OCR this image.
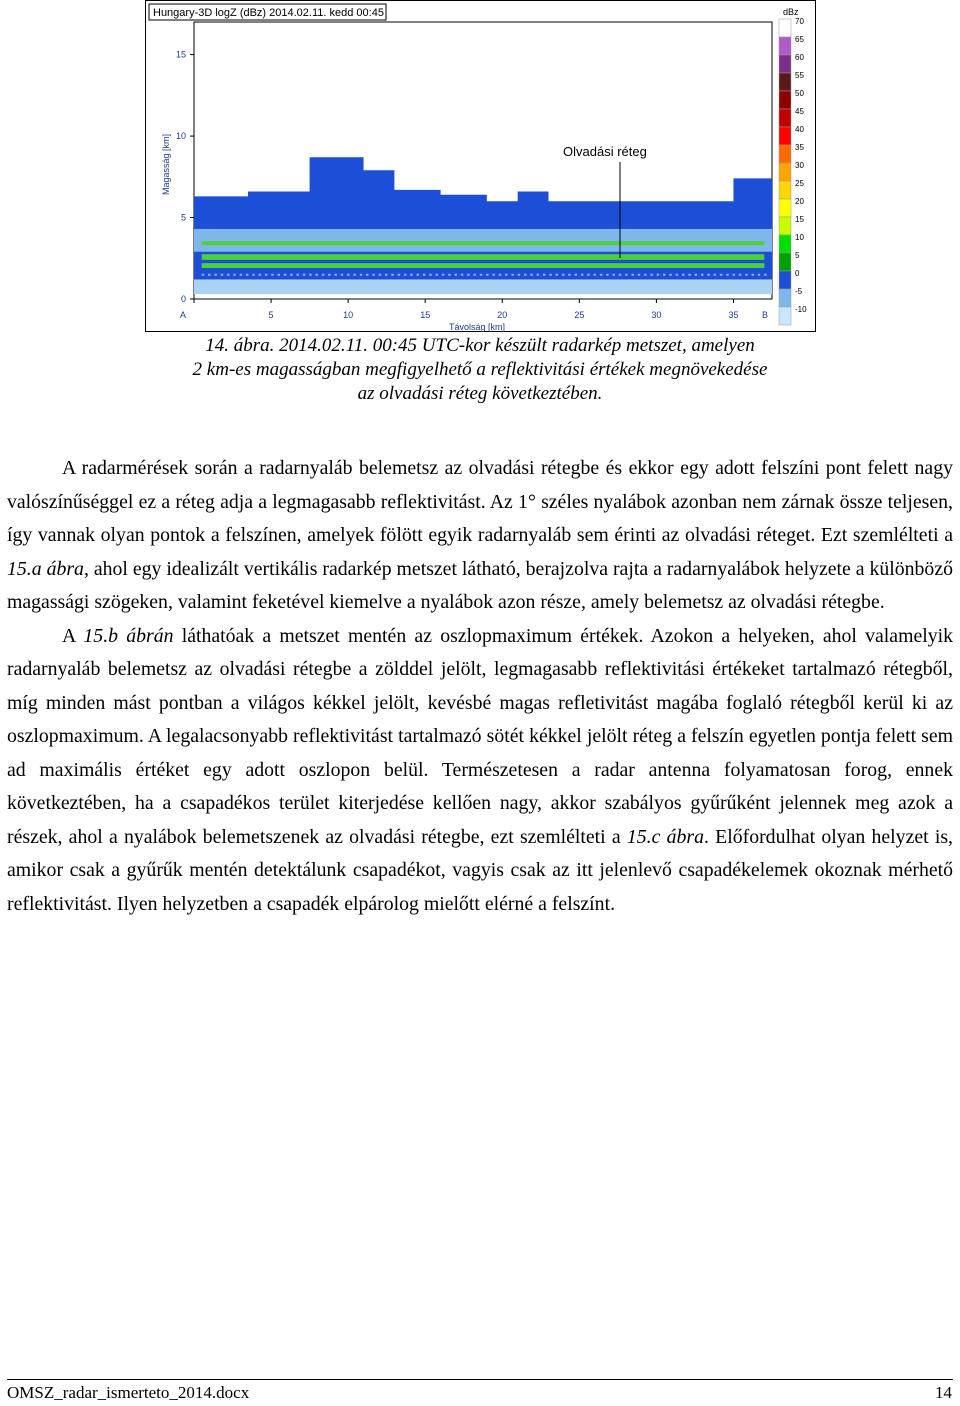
Hungary-3D logZ (dBz) 2014.02.11. kedd 00:45
Olvadási réteg
Magasság [km]
0
5
10
15
5	10	15	20	25	30	35
A	B
Távolság [km]
dBz
70
65
60
55
50
45
40
35
30
25
20
15
10
5
0
-5
-10
14. ábra. 2014.02.11. 00:45 UTC-kor készült radarkép metszet, amelyen
2 km-es magasságban megfigyelhető a reflektivitási értékek megnövekedése
az olvadási réteg következtében.

A radarmérések során a radarnyaláb belemetsz az olvadási rétegbe és ekkor egy adott felszíni pont felett nagy valószínűséggel ez a réteg adja a legmagasabb reflektivitást. Az 1° széles nyalábok azonban nem zárnak össze teljesen, így vannak olyan pontok a felszínen, amelyek fölött egyik radarnyaláb sem érinti az olvadási réteget. Ezt szemlélteti a 15.a ábra, ahol egy idealizált vertikális radarkép metszet látható, berajzolva rajta a radarnyalábok helyzete a különböző magassági szögeken, valamint feketével kiemelve a nyalábok azon része, amely belemetsz az olvadási rétegbe.

A 15.b ábrán láthatóak a metszet mentén az oszlopmaximum értékek. Azokon a helyeken, ahol valamelyik radarnyaláb belemetsz az olvadási rétegbe a zölddel jelölt, legmagasabb reflektivitási értékeket tartalmazó rétegből, míg minden mást pontban a világos kékkel jelölt, kevésbé magas refletivitást magába foglaló rétegből kerül ki az oszlopmaximum. A legalacsonyabb reflektivitást tartalmazó sötét kékkel jelölt réteg a felszín egyetlen pontja felett sem ad maximális értéket egy adott oszlopon belül. Természetesen a radar antenna folyamatosan forog, ennek következtében, ha a csapadékos terület kiterjedése kellően nagy, akkor szabályos gyűrűként jelennek meg azok a részek, ahol a nyalábok belemetszenek az olvadási rétegbe, ezt szemlélteti a 15.c ábra. Előfordulhat olyan helyzet is, amikor csak a gyűrűk mentén detektálunk csapadékot, vagyis csak az itt jelenlevő csapadékelemek okoznak mérhető reflektivitást. Ilyen helyzetben a csapadék elpárolog mielőtt elérné a felszínt.

OMSZ_radar_ismerteto_2014.docx	14
